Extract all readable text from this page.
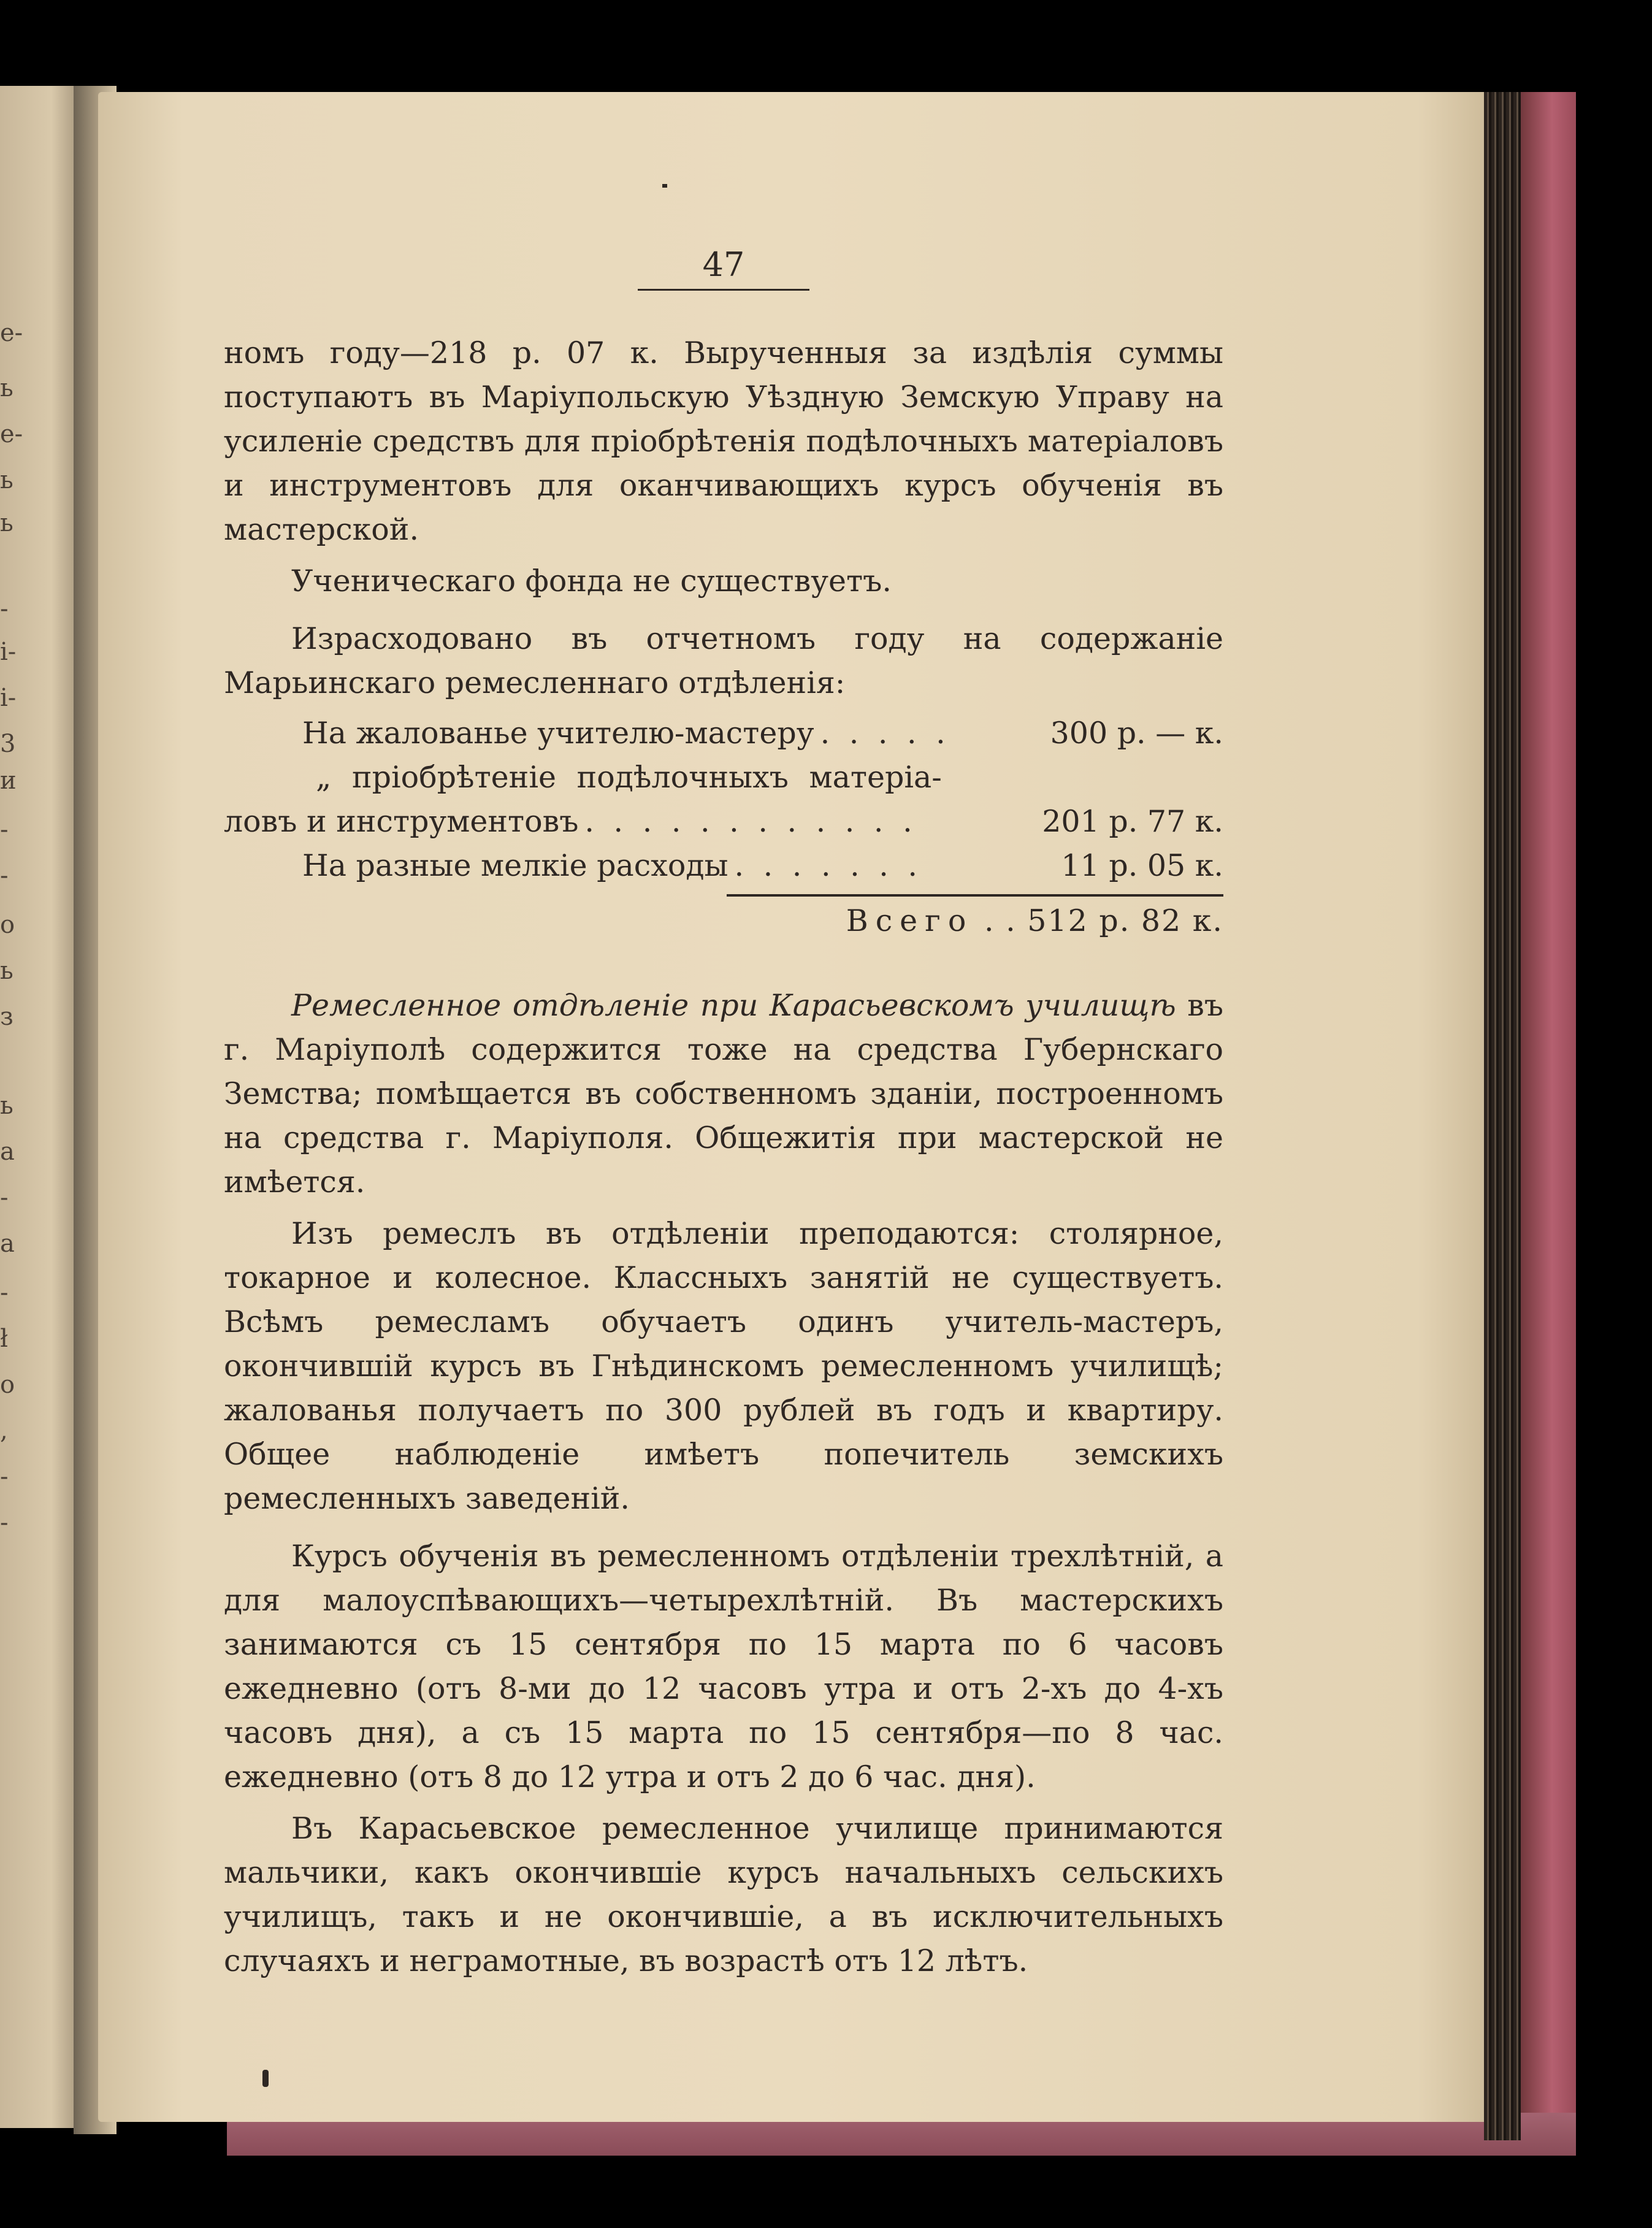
е-
ь
е-
ь
ь
-
i-
i-
3
и
-
-
о
ь
з
ь
а
-
а
-
ł
о
,
-
-
47

номъ году—218 р. 07 к. Вырученныя за издѣлія суммы поступаютъ въ Маріупольскую Уѣздную Земскую Управу на усиленіе средствъ для пріобрѣтенія подѣлочныхъ матеріаловъ и инструментовъ для оканчивающихъ курсъ обученія въ мастерской.

Ученическаго фонда не существуетъ.

Израсходовано въ отчетномъ году на содержаніе Марьинскаго ремесленнаго отдѣленія:

На жалованье учителю-мастеру . . . . .	300 р. — к.
„ пріобрѣтеніе подѣлочныхъ матеріа-
ловъ и инструментовъ . . . . . . . . . . . .	201 р. 77 к.
На разные мелкіе расходы . . . . . . .	11 р. 05 к.
Всего . . 512 р. 82 к.

Ремесленное отдѣленіе при Карасьевскомъ училищѣ въ г. Маріуполѣ содержится тоже на средства Губернскаго Земства; помѣщается въ собственномъ зданіи, построенномъ на средства г. Маріуполя. Общежитія при мастерской не имѣется.

Изъ ремеслъ въ отдѣленіи преподаются: столярное, токарное и колесное. Классныхъ занятій не существуетъ. Всѣмъ ремесламъ обучаетъ одинъ учитель-мастеръ, окончившій курсъ въ Гнѣдинскомъ ремесленномъ училищѣ; жалованья получаетъ по 300 рублей въ годъ и квартиру. Общее наблюденіе имѣетъ попечитель земскихъ ремесленныхъ заведеній.

Курсъ обученія въ ремесленномъ отдѣленіи трехлѣтній, а для малоуспѣвающихъ—четырехлѣтній. Въ мастерскихъ занимаются съ 15 сентября по 15 марта по 6 часовъ ежедневно (отъ 8-ми до 12 часовъ утра и отъ 2-хъ до 4-хъ часовъ дня), а съ 15 марта по 15 сентября—по 8 час. ежедневно (отъ 8 до 12 утра и отъ 2 до 6 час. дня).

Въ Карасьевское ремесленное училище принимаются мальчики, какъ окончившіе курсъ начальныхъ сельскихъ училищъ, такъ и не окончившіе, а въ исключительныхъ случаяхъ и неграмотные, въ возрастѣ отъ 12 лѣтъ.
